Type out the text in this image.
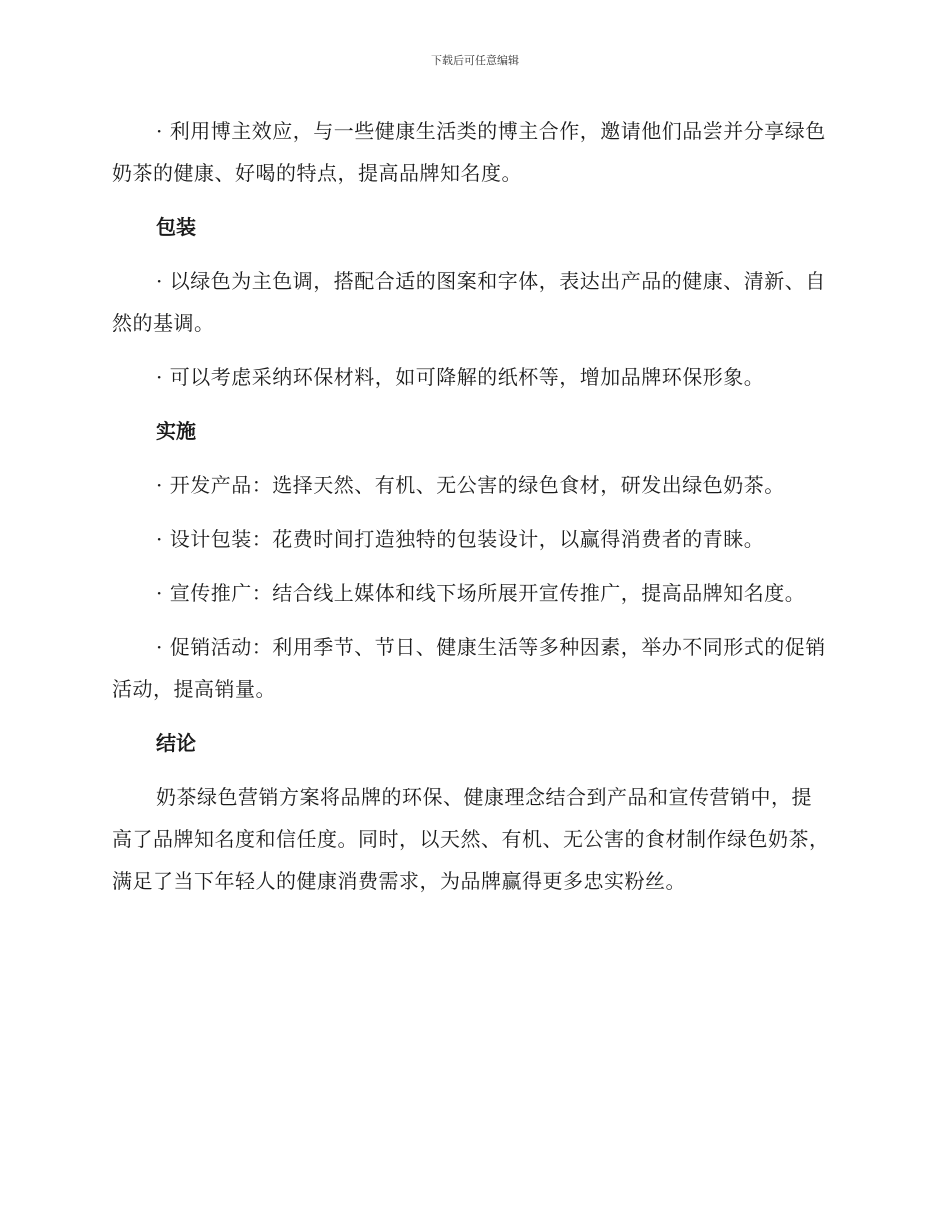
下载后可任意编辑

· 利用博主效应，与一些健康生活类的博主合作，邀请他们品尝并分享绿色奶茶的健康、好喝的特点，提高品牌知名度。

包装

· 以绿色为主色调，搭配合适的图案和字体，表达出产品的健康、清新、自然的基调。

· 可以考虑采纳环保材料，如可降解的纸杯等，增加品牌环保形象。

实施

· 开发产品：选择天然、有机、无公害的绿色食材，研发出绿色奶茶。

· 设计包装：花费时间打造独特的包装设计，以赢得消费者的青睐。

· 宣传推广：结合线上媒体和线下场所展开宣传推广，提高品牌知名度。

· 促销活动：利用季节、节日、健康生活等多种因素，举办不同形式的促销活动，提高销量。

结论

奶茶绿色营销方案将品牌的环保、健康理念结合到产品和宣传营销中，提高了品牌知名度和信任度。同时，以天然、有机、无公害的食材制作绿色奶茶，满足了当下年轻人的健康消费需求，为品牌赢得更多忠实粉丝。
